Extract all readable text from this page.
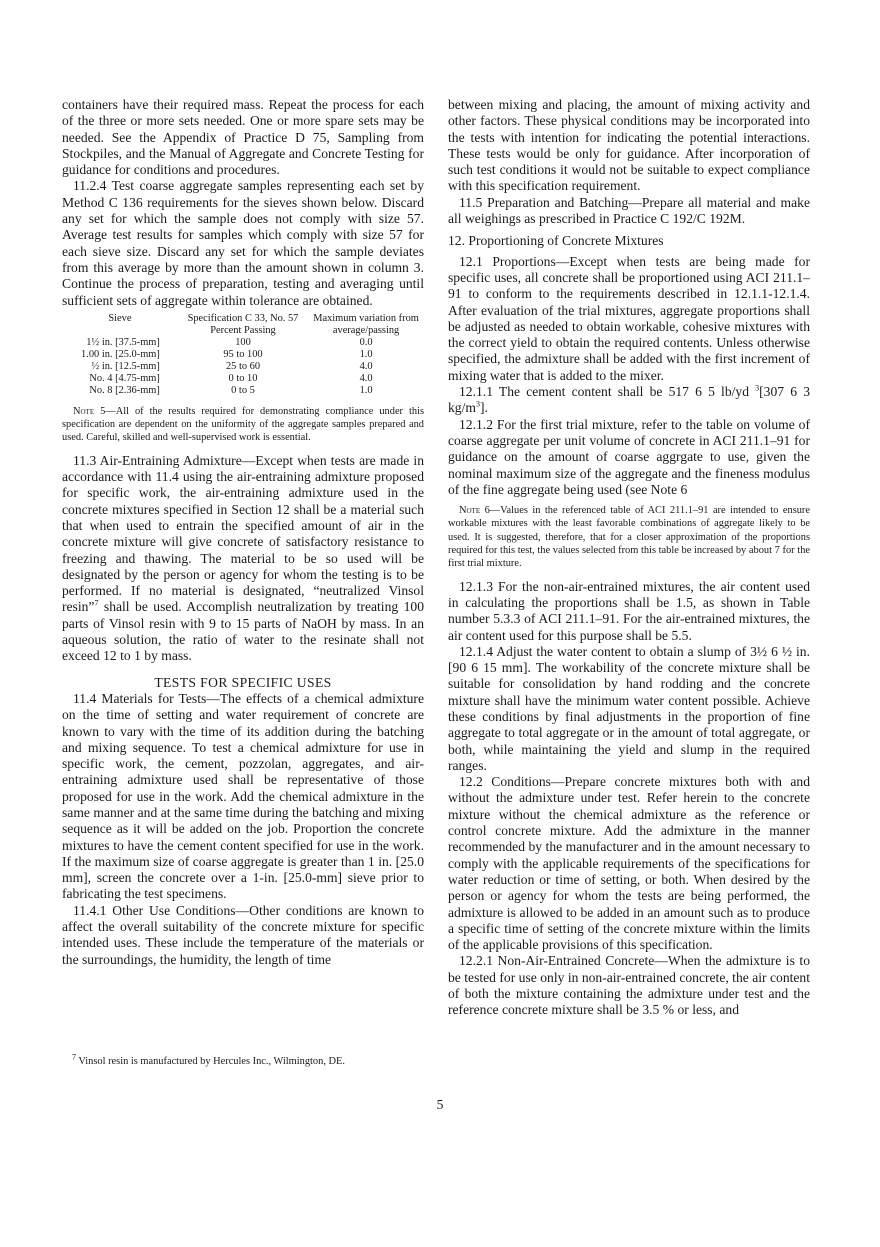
containers have their required mass. Repeat the process for each of the three or more sets needed. One or more spare sets may be needed. See the Appendix of Practice D 75, Sampling from Stockpiles, and the Manual of Aggregate and Concrete Testing for guidance for conditions and procedures.

11.2.4 Test coarse aggregate samples representing each set by Method C 136 requirements for the sieves shown below. Discard any set for which the sample does not comply with size 57. Average test results for samples which comply with size 57 for each sieve size. Discard any set for which the sample deviates from this average by more than the amount shown in column 3. Continue the process of preparation, testing and averaging until sufficient sets of aggregate within tolerance are obtained.

Sieve	Specification C 33, No. 57 Percent Passing	Maximum variation from average/passing
1½ in. [37.5-mm]	100	0.0
1.00 in. [25.0-mm]	95 to 100	1.0
½ in. [12.5-mm]	25 to 60	4.0
No. 4 [4.75-mm]	0 to 10	4.0
No. 8 [2.36-mm]	0 to 5	1.0

Note 5—All of the results required for demonstrating compliance under this specification are dependent on the uniformity of the aggregate samples prepared and used. Careful, skilled and well-supervised work is essential.

11.3 Air-Entraining Admixture—Except when tests are made in accordance with 11.4 using the air-entraining admixture proposed for specific work, the air-entraining admixture used in the concrete mixtures specified in Section 12 shall be a material such that when used to entrain the specified amount of air in the concrete mixture will give concrete of satisfactory resistance to freezing and thawing. The material to be so used will be designated by the person or agency for whom the testing is to be performed. If no material is designated, “neutralized Vinsol resin”$^7$ shall be used. Accomplish neutralization by treating 100 parts of Vinsol resin with 9 to 15 parts of NaOH by mass. In an aqueous solution, the ratio of water to the resinate shall not exceed 12 to 1 by mass.

TESTS FOR SPECIFIC USES

11.4 Materials for Tests—The effects of a chemical admixture on the time of setting and water requirement of concrete are known to vary with the time of its addition during the batching and mixing sequence. To test a chemical admixture for use in specific work, the cement, pozzolan, aggregates, and air-entraining admixture used shall be representative of those proposed for use in the work. Add the chemical admixture in the same manner and at the same time during the batching and mixing sequence as it will be added on the job. Proportion the concrete mixtures to have the cement content specified for use in the work. If the maximum size of coarse aggregate is greater than 1 in. [25.0 mm], screen the concrete over a 1-in. [25.0-mm] sieve prior to fabricating the test specimens.

11.4.1 Other Use Conditions—Other conditions are known to affect the overall suitability of the concrete mixture for specific intended uses. These include the temperature of the materials or the surroundings, the humidity, the length of time

between mixing and placing, the amount of mixing activity and other factors. These physical conditions may be incorporated into the tests with intention for indicating the potential interactions. These tests would be only for guidance. After incorporation of such test conditions it would not be suitable to expect compliance with this specification requirement.

11.5 Preparation and Batching—Prepare all material and make all weighings as prescribed in Practice C 192/C 192M.

12. Proportioning of Concrete Mixtures

12.1 Proportions—Except when tests are being made for specific uses, all concrete shall be proportioned using ACI 211.1–91 to conform to the requirements described in 12.1.1-12.1.4. After evaluation of the trial mixtures, aggregate proportions shall be adjusted as needed to obtain workable, cohesive mixtures with the correct yield to obtain the required contents. Unless otherwise specified, the admixture shall be added with the first increment of mixing water that is added to the mixer.

12.1.1 The cement content shall be 517 6 5 lb/yd $^3$[307 6 3 $kg/m^3$].

12.1.2 For the first trial mixture, refer to the table on volume of coarse aggregate per unit volume of concrete in ACI 211.1–91 for guidance on the amount of coarse aggrgate to use, given the nominal maximum size of the aggregate and the fineness modulus of the fine aggregate being used (see Note 6

Note 6—Values in the referenced table of ACI 211.1–91 are intended to ensure workable mixtures with the least favorable combinations of aggregate likely to be used. It is suggested, therefore, that for a closer approximation of the proportions required for this test, the values selected from this table be increased by about 7 for the first trial mixture.

12.1.3 For the non-air-entrained mixtures, the air content used in calculating the proportions shall be 1.5, as shown in Table number 5.3.3 of ACI 211.1–91. For the air-entrained mixtures, the air content used for this purpose shall be 5.5.

12.1.4 Adjust the water content to obtain a slump of 3½ 6 ½ in. [90 6 15 mm]. The workability of the concrete mixture shall be suitable for consolidation by hand rodding and the concrete mixture shall have the minimum water content possible. Achieve these conditions by final adjustments in the proportion of fine aggregate to total aggregate or in the amount of total aggregate, or both, while maintaining the yield and slump in the required ranges.

12.2 Conditions—Prepare concrete mixtures both with and without the admixture under test. Refer herein to the concrete mixture without the chemical admixture as the reference or control concrete mixture. Add the admixture in the manner recommended by the manufacturer and in the amount necessary to comply with the applicable requirements of the specifications for water reduction or time of setting, or both. When desired by the person or agency for whom the tests are being performed, the admixture is allowed to be added in an amount such as to produce a specific time of setting of the concrete mixture within the limits of the applicable provisions of this specification.

12.2.1 Non-Air-Entrained Concrete—When the admixture is to be tested for use only in non-air-entrained concrete, the air content of both the mixture containing the admixture under test and the reference concrete mixture shall be 3.5 % or less, and

$^7$ Vinsol resin is manufactured by Hercules Inc., Wilmington, DE.
5
